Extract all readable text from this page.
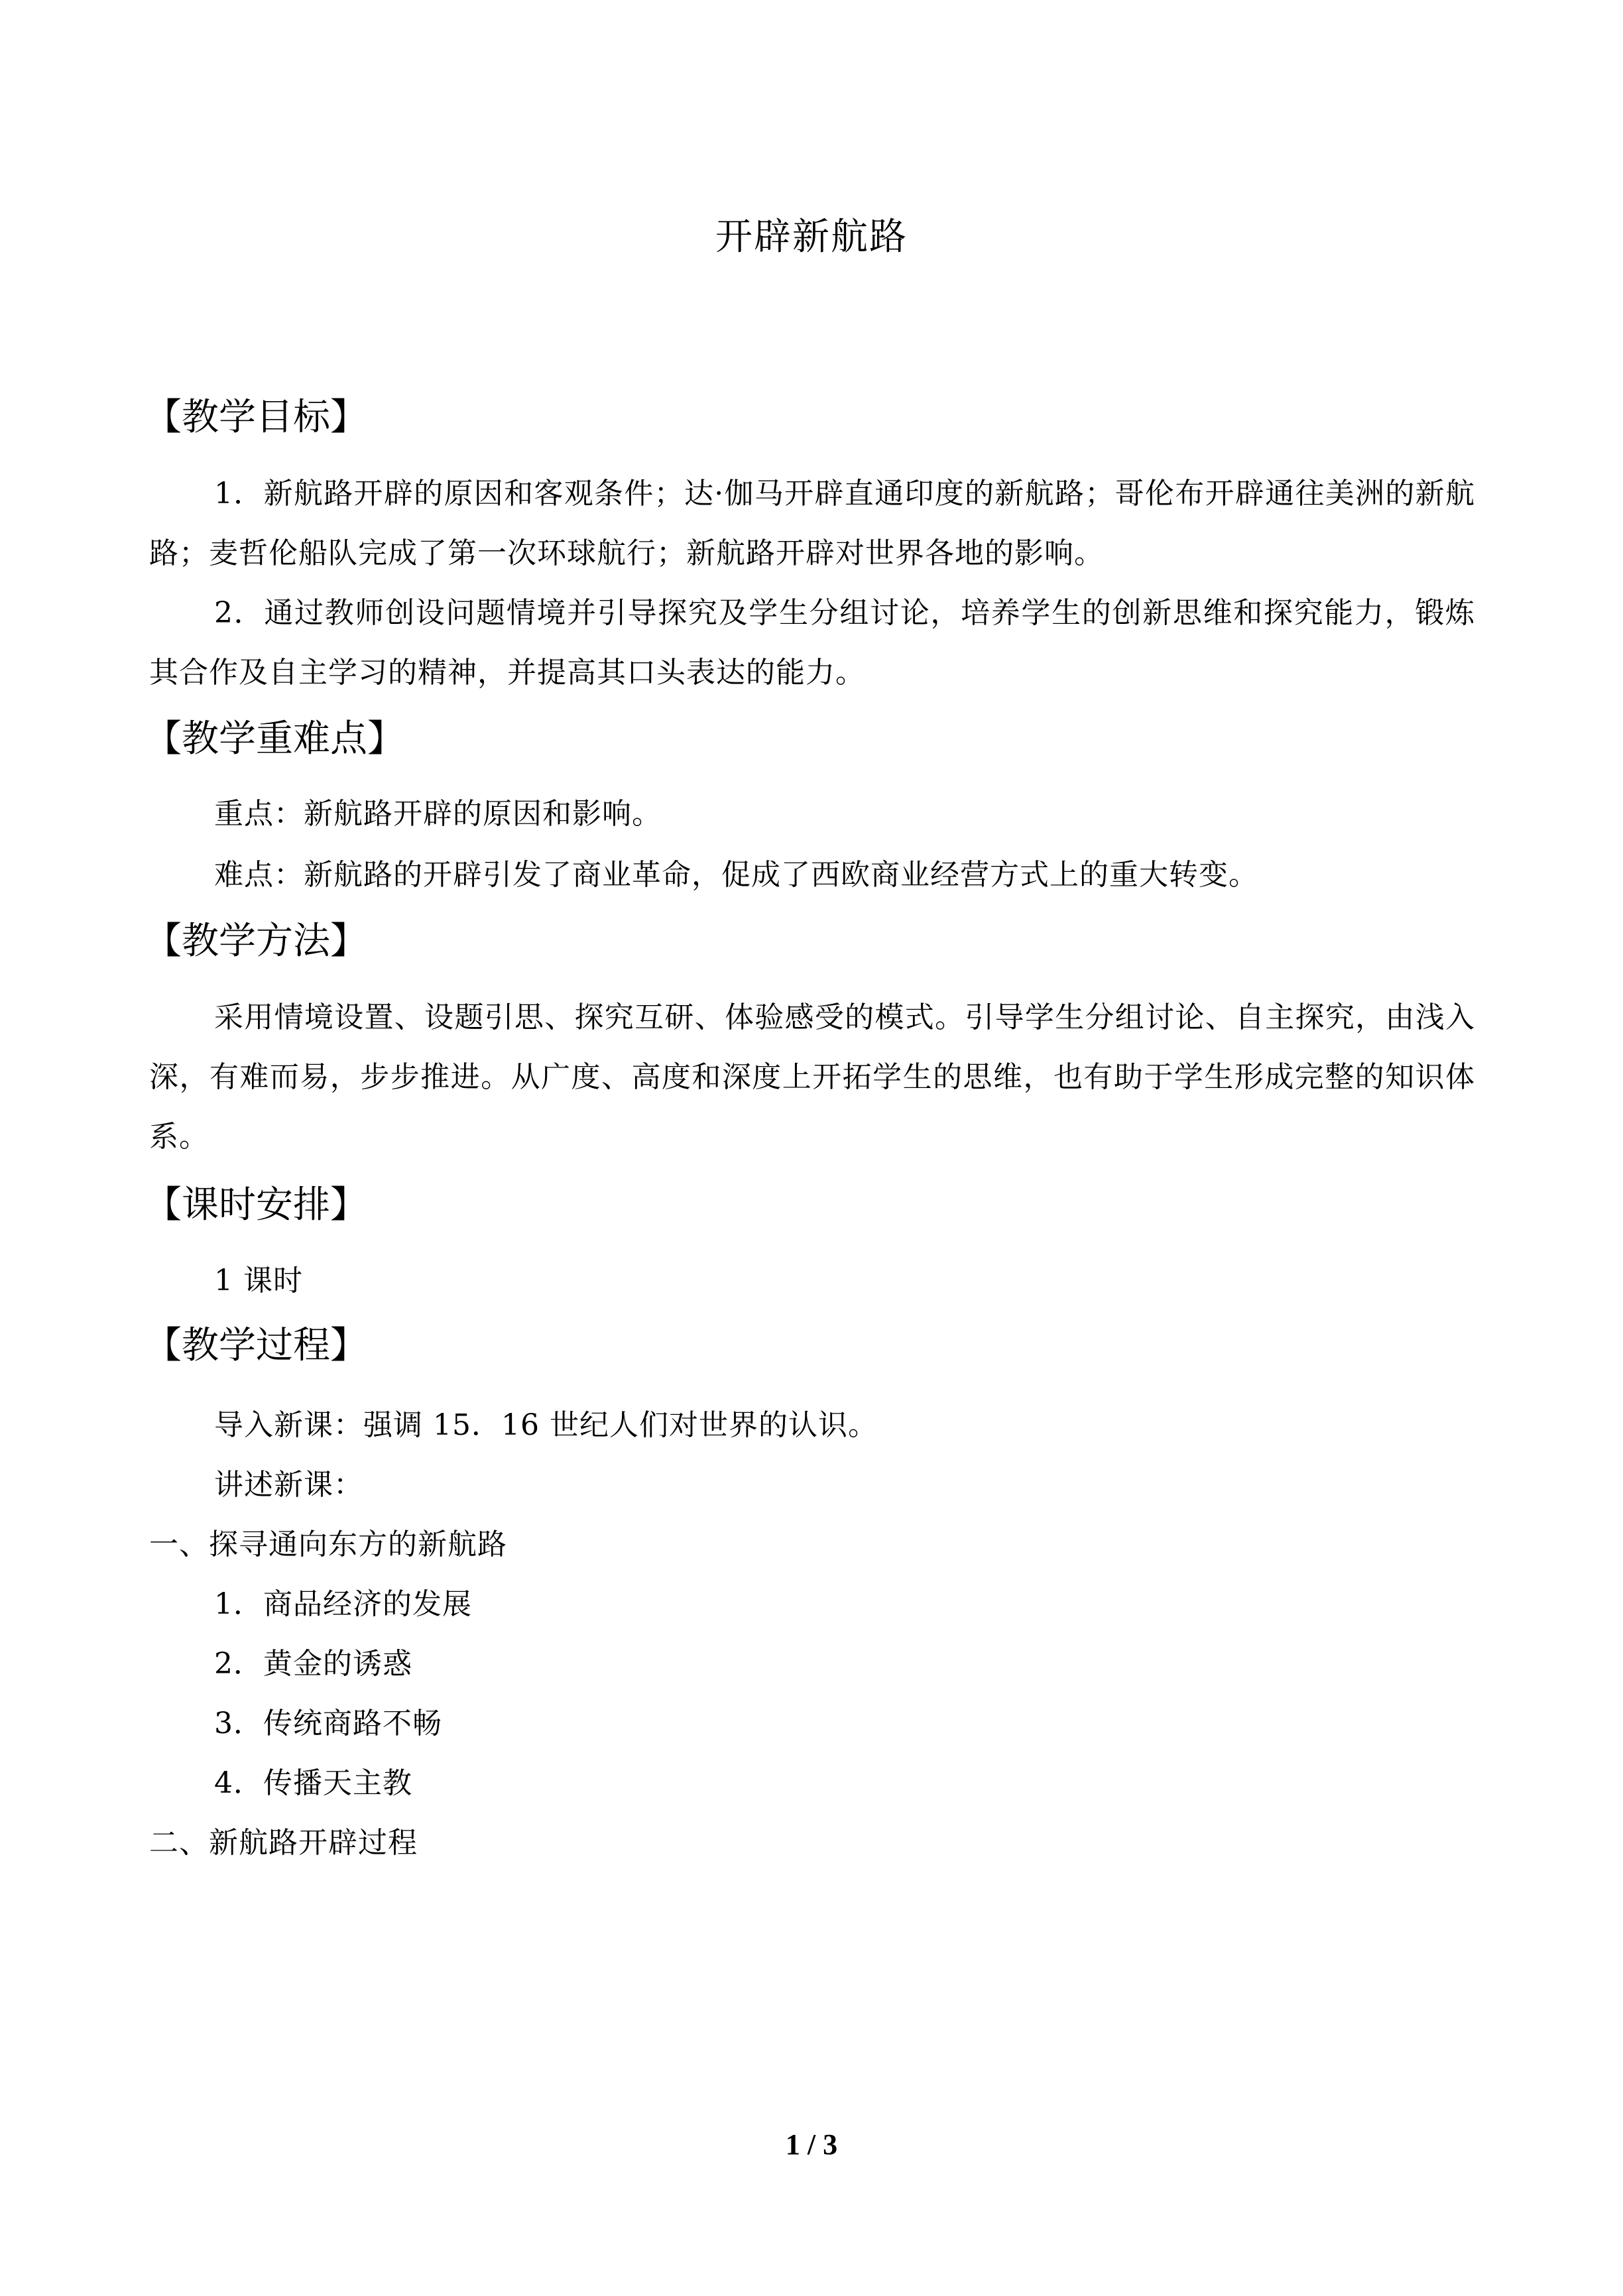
开辟新航路
【教学目标】
1．新航路开辟的原因和客观条件；达·伽马开辟直通印度的新航路；哥伦布开辟通往美洲的新航路；麦哲伦船队完成了第一次环球航行；新航路开辟对世界各地的影响。
2．通过教师创设问题情境并引导探究及学生分组讨论，培养学生的创新思维和探究能力，锻炼其合作及自主学习的精神，并提高其口头表达的能力。
【教学重难点】
重点：新航路开辟的原因和影响。
难点：新航路的开辟引发了商业革命，促成了西欧商业经营方式上的重大转变。
【教学方法】
采用情境设置、设题引思、探究互研、体验感受的模式。引导学生分组讨论、自主探究，由浅入深，有难而易，步步推进。从广度、高度和深度上开拓学生的思维，也有助于学生形成完整的知识体系。
【课时安排】
1 课时
【教学过程】
导入新课：强调 15．16 世纪人们对世界的认识。
讲述新课：
一、探寻通向东方的新航路
1．商品经济的发展
2．黄金的诱惑
3．传统商路不畅
4．传播天主教
二、新航路开辟过程
1 / 3
